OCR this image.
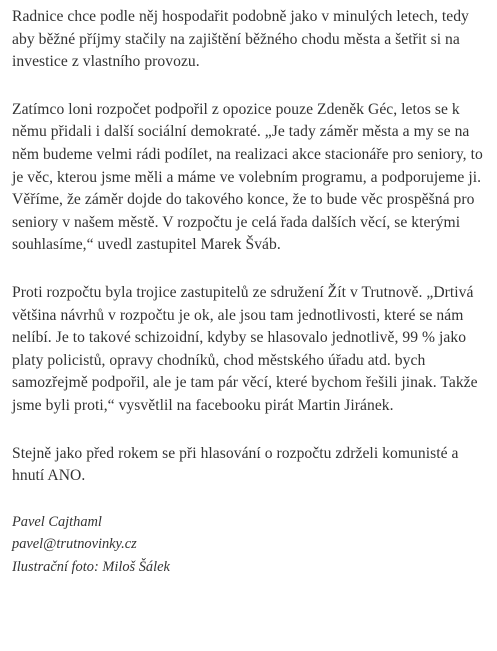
Radnice chce podle něj hospodařit podobně jako v minulých letech, tedy aby běžné příjmy stačily na zajištění běžného chodu města a šetřit si na investice z vlastního provozu.

Zatímco loni rozpočet podpořil z opozice pouze Zdeněk Géc, letos se k němu přidali i další sociální demokraté. „Je tady záměr města a my se na něm budeme velmi rádi podílet, na realizaci akce stacionáře pro seniory, to je věc, kterou jsme měli a máme ve volebním programu, a podporujeme ji. Věříme, že záměr dojde do takového konce, že to bude věc prospěšná pro seniory v našem městě. V rozpočtu je celá řada dalších věcí, se kterými souhlasíme,“ uvedl zastupitel Marek Šváb.

Proti rozpočtu byla trojice zastupitelů ze sdružení Žít v Trutnově. „Drtivá většina návrhů v rozpočtu je ok, ale jsou tam jednotlivosti, které se nám nelíbí. Je to takové schizoidní, kdyby se hlasovalo jednotlivě, 99 % jako platy policistů, opravy chodníků, chod městského úřadu atd. bych samozřejmě podpořil, ale je tam pár věcí, které bychom řešili jinak. Takže jsme byli proti,“ vysvětlil na facebooku pirát Martin Jiránek.

Stejně jako před rokem se při hlasování o rozpočtu zdrželi komunisté a hnutí ANO.

Pavel Cajthaml
pavel@trutnovinky.cz
Ilustrační foto: Miloš Šálek
